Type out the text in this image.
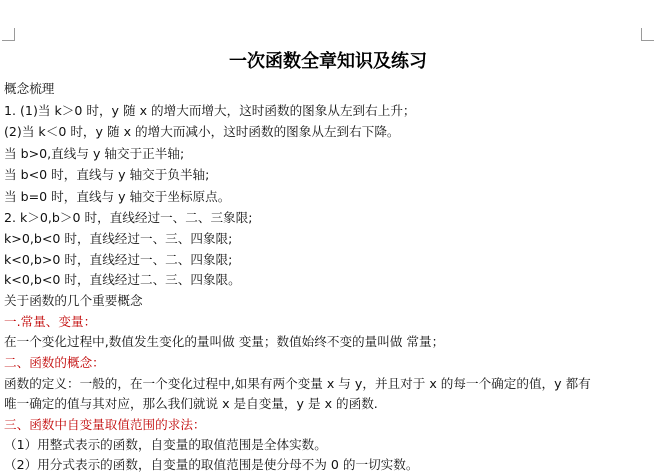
一次函数全章知识及练习
概念梳理
1. (1)当 k＞0 时，y 随 x 的增大而增大，这时函数的图象从左到右上升；
(2)当 k＜0 时，y 随 x 的增大而减小，这时函数的图象从左到右下降。
当 b>0,直线与 y 轴交于正半轴;
当 b<0 时，直线与 y 轴交于负半轴;
当 b=0 时，直线与 y 轴交于坐标原点。
2. k＞0,b＞0 时，直线经过一、二、三象限;
k>0,b<0 时，直线经过一、三、四象限;
k<0,b>0 时，直线经过一、二、四象限;
k<0,b<0 时，直线经过二、三、四象限。
关于函数的几个重要概念
一.常量、变量：
在一个变化过程中,数值发生变化的量叫做 变量；数值始终不变的量叫做 常量；
二、函数的概念：
函数的定义：一般的，在一个变化过程中,如果有两个变量 x 与 y，并且对于 x 的每一个确定的值，y 都有
唯一确定的值与其对应，那么我们就说 x 是自变量，y 是 x 的函数.
三、函数中自变量取值范围的求法：
（1）用整式表示的函数，自变量的取值范围是全体实数。
（2）用分式表示的函数，自变量的取值范围是使分母不为 0 的一切实数。
